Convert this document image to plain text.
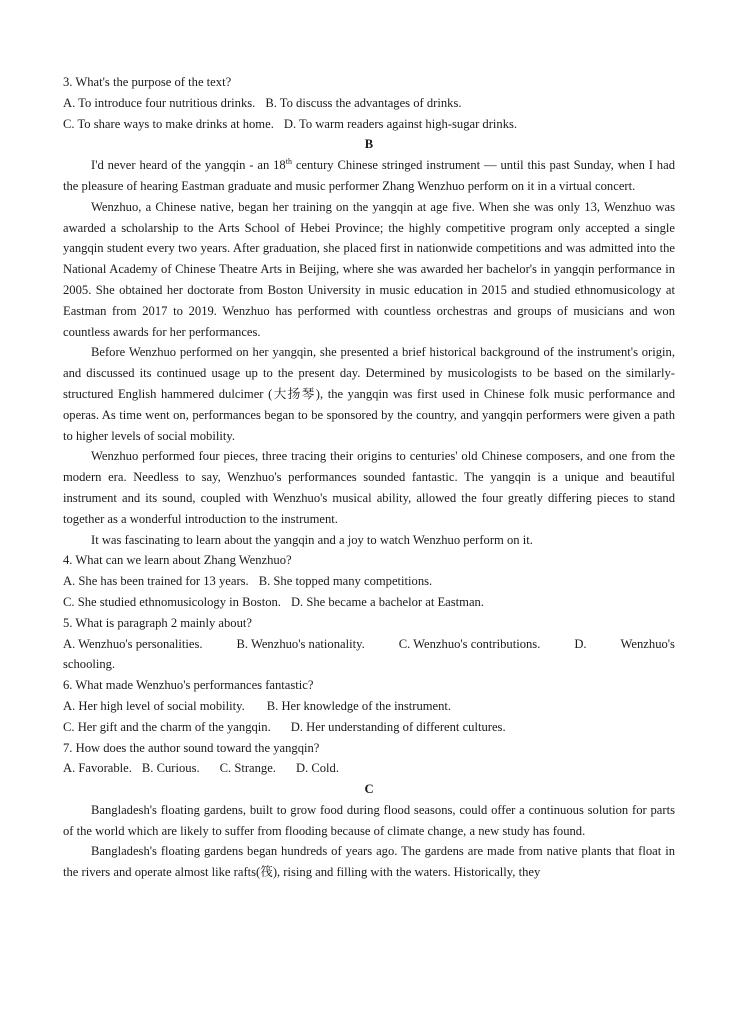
3. What's the purpose of the text?
A. To introduce four nutritious drinks. B. To discuss the advantages of drinks.
C. To share ways to make drinks at home. D. To warm readers against high-sugar drinks.
B
I'd never heard of the yangqin - an 18th century Chinese stringed instrument — until this past Sunday, when I had the pleasure of hearing Eastman graduate and music performer Zhang Wenzhuo perform on it in a virtual concert.
Wenzhuo, a Chinese native, began her training on the yangqin at age five. When she was only 13, Wenzhuo was awarded a scholarship to the Arts School of Hebei Province; the highly competitive program only accepted a single yangqin student every two years. After graduation, she placed first in nationwide competitions and was admitted into the National Academy of Chinese Theatre Arts in Beijing, where she was awarded her bachelor's in yangqin performance in 2005. She obtained her doctorate from Boston University in music education in 2015 and studied ethnomusicology at Eastman from 2017 to 2019. Wenzhuo has performed with countless orchestras and groups of musicians and won countless awards for her performances.
Before Wenzhuo performed on her yangqin, she presented a brief historical background of the instrument's origin, and discussed its continued usage up to the present day. Determined by musicologists to be based on the similarly-structured English hammered dulcimer (大扬琴), the yangqin was first used in Chinese folk music performance and operas. As time went on, performances began to be sponsored by the country, and yangqin performers were given a path to higher levels of social mobility.
Wenzhuo performed four pieces, three tracing their origins to centuries' old Chinese composers, and one from the modern era. Needless to say, Wenzhuo's performances sounded fantastic. The yangqin is a unique and beautiful instrument and its sound, coupled with Wenzhuo's musical ability, allowed the four greatly differing pieces to stand together as a wonderful introduction to the instrument.
It was fascinating to learn about the yangqin and a joy to watch Wenzhuo perform on it.
4. What can we learn about Zhang Wenzhuo?
A. She has been trained for 13 years. B. She topped many competitions.
C. She studied ethnomusicology in Boston. D. She became a bachelor at Eastman.
5. What is paragraph 2 mainly about?
A. Wenzhuo's personalities.	B. Wenzhuo's nationality.	C. Wenzhuo's contributions.	D.	Wenzhuo's
schooling.
6. What made Wenzhuo's performances fantastic?
A. Her high level of social mobility. B. Her knowledge of the instrument.
C. Her gift and the charm of the yangqin. D. Her understanding of different cultures.
7. How does the author sound toward the yangqin?
A. Favorable. B. Curious. C. Strange. D. Cold.
C
Bangladesh's floating gardens, built to grow food during flood seasons, could offer a continuous solution for parts of the world which are likely to suffer from flooding because of climate change, a new study has found.
Bangladesh's floating gardens began hundreds of years ago. The gardens are made from native plants that float in the rivers and operate almost like rafts(筏), rising and filling with the waters. Historically, they
